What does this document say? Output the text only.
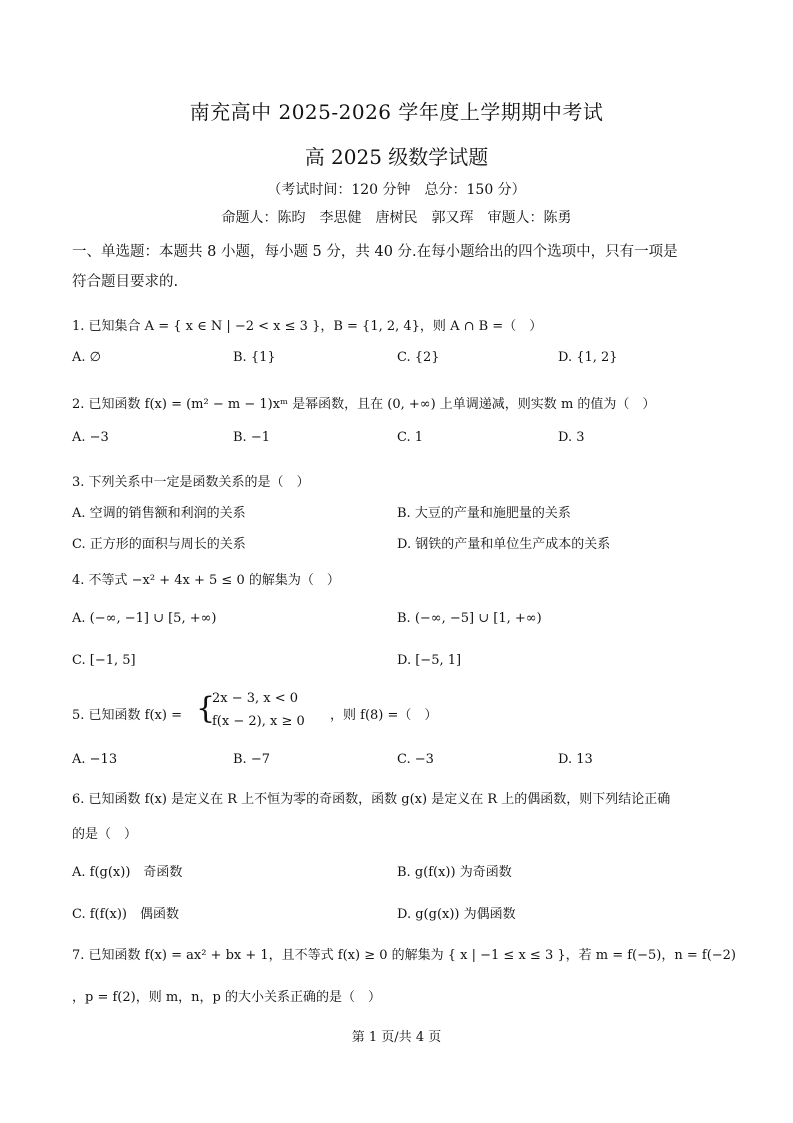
南充高中 2025-2026 学年度上学期期中考试
高 2025 级数学试题
（考试时间：120 分钟　总分：150 分）
命题人：陈昀　李思健　唐树民　郭又珲　审题人：陈勇
一、单选题：本题共 8 小题，每小题 5 分，共 40 分.在每小题给出的四个选项中，只有一项是
符合题目要求的.
1. 已知集合 A = { x ∈ N | −2 < x ≤ 3 }，B = {1, 2, 4}，则 A ∩ B =（　）
A. ∅	B. {1}	C. {2}	D. {1, 2}
2. 已知函数 f(x) = (m² − m − 1)xᵐ 是幂函数，且在 (0, +∞) 上单调递减，则实数 m 的值为（　）
A. −3	B. −1	C. 1	D. 3
3. 下列关系中一定是函数关系的是（　）
A. 空调的销售额和利润的关系	B. 大豆的产量和施肥量的关系
C. 正方形的面积与周长的关系	D. 钢铁的产量和单位生产成本的关系
4. 不等式 −x² + 4x + 5 ≤ 0 的解集为（　）
A. (−∞, −1] ∪ [5, +∞)	B. (−∞, −5] ∪ [1, +∞)
C. [−1, 5]	D. [−5, 1]
5. 已知函数 f(x) = {
2x − 3, x < 0
f(x − 2), x ≥ 0 ，则 f(8) =（　）
A. −13	B. −7	C. −3	D. 13
6. 已知函数 f(x) 是定义在 R 上不恒为零的奇函数，函数 g(x) 是定义在 R 上的偶函数，则下列结论正确
的是（　）
A. f(g(x))　奇函数	B. g(f(x)) 为奇函数
C. f(f(x))　偶函数	D. g(g(x)) 为偶函数
7. 已知函数 f(x) = ax² + bx + 1，且不等式 f(x) ≥ 0 的解集为 { x | −1 ≤ x ≤ 3 }，若 m = f(−5)，n = f(−2)
，p = f(2)，则 m，n，p 的大小关系正确的是（　）
第 1 页/共 4 页
